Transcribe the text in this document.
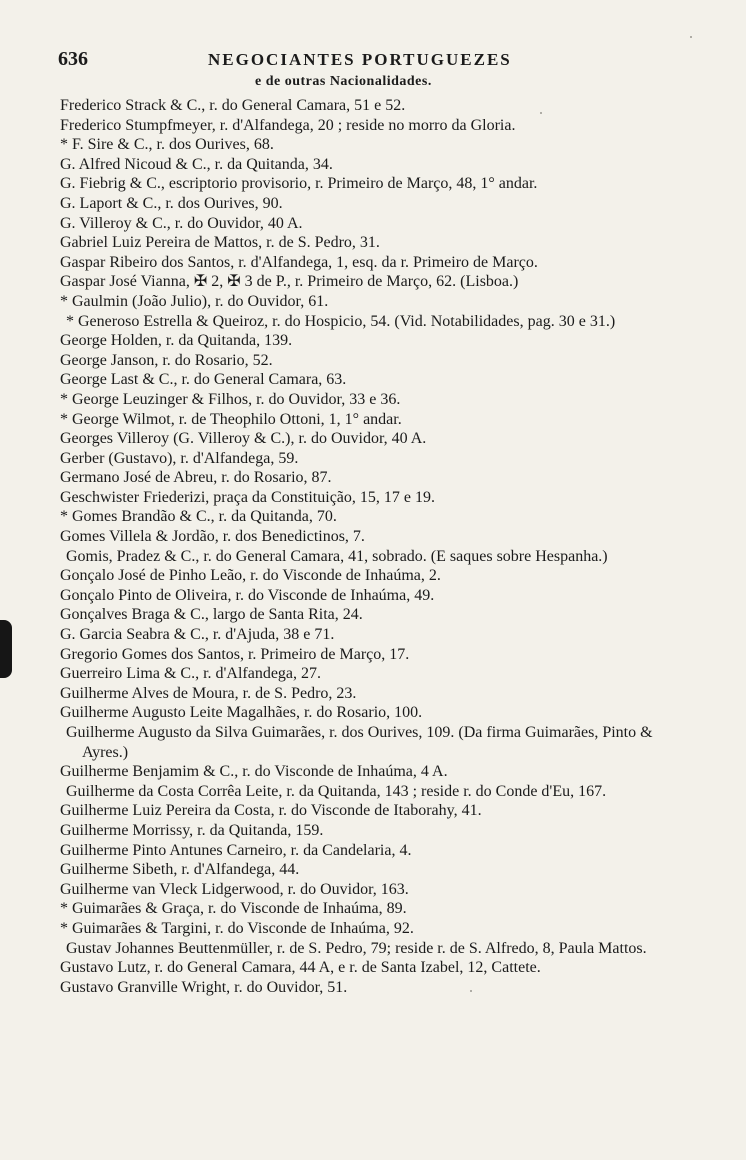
636	NEGOCIANTES PORTUGUEZES
e de outras Nacionalidades.

Frederico Strack & C., r. do General Camara, 51 e 52.

Frederico Stumpfmeyer, r. d'Alfandega, 20 ; reside no morro da Gloria.

* F. Sire & C., r. dos Ourives, 68.

G. Alfred Nicoud & C., r. da Quitanda, 34.

G. Fiebrig & C., escriptorio provisorio, r. Primeiro de Março, 48, 1° andar.

G. Laport & C., r. dos Ourives, 90.

G. Villeroy & C., r. do Ouvidor, 40 A.

Gabriel Luiz Pereira de Mattos, r. de S. Pedro, 31.

Gaspar Ribeiro dos Santos, r. d'Alfandega, 1, esq. da r. Primeiro de Março.

Gaspar José Vianna, ✠ 2, ✠ 3 de P., r. Primeiro de Março, 62. (Lisboa.)

* Gaulmin (João Julio), r. do Ouvidor, 61.

* Generoso Estrella & Queiroz, r. do Hospicio, 54. (Vid. Notabilidades, pag. 30 e 31.)

George Holden, r. da Quitanda, 139.

George Janson, r. do Rosario, 52.

George Last & C., r. do General Camara, 63.

* George Leuzinger & Filhos, r. do Ouvidor, 33 e 36.

* George Wilmot, r. de Theophilo Ottoni, 1, 1° andar.

Georges Villeroy (G. Villeroy & C.), r. do Ouvidor, 40 A.

Gerber (Gustavo), r. d'Alfandega, 59.

Germano José de Abreu, r. do Rosario, 87.

Geschwister Friederizi, praça da Constituição, 15, 17 e 19.

* Gomes Brandão & C., r. da Quitanda, 70.

Gomes Villela & Jordão, r. dos Benedictinos, 7.

Gomis, Pradez & C., r. do General Camara, 41, sobrado. (E saques sobre Hespanha.)

Gonçalo José de Pinho Leão, r. do Visconde de Inhaúma, 2.

Gonçalo Pinto de Oliveira, r. do Visconde de Inhaúma, 49.

Gonçalves Braga & C., largo de Santa Rita, 24.

G. Garcia Seabra & C., r. d'Ajuda, 38 e 71.

Gregorio Gomes dos Santos, r. Primeiro de Março, 17.

Guerreiro Lima & C., r. d'Alfandega, 27.

Guilherme Alves de Moura, r. de S. Pedro, 23.

Guilherme Augusto Leite Magalhães, r. do Rosario, 100.

Guilherme Augusto da Silva Guimarães, r. dos Ourives, 109. (Da firma Guimarães, Pinto & Ayres.)

Guilherme Benjamim & C., r. do Visconde de Inhaúma, 4 A.

Guilherme da Costa Corrêa Leite, r. da Quitanda, 143 ; reside r. do Conde d'Eu, 167.

Guilherme Luiz Pereira da Costa, r. do Visconde de Itaborahy, 41.

Guilherme Morrissy, r. da Quitanda, 159.

Guilherme Pinto Antunes Carneiro, r. da Candelaria, 4.

Guilherme Sibeth, r. d'Alfandega, 44.

Guilherme van Vleck Lidgerwood, r. do Ouvidor, 163.

* Guimarães & Graça, r. do Visconde de Inhaúma, 89.

* Guimarães & Targini, r. do Visconde de Inhaúma, 92.

Gustav Johannes Beuttenmüller, r. de S. Pedro, 79; reside r. de S. Alfredo, 8, Paula Mattos.

Gustavo Lutz, r. do General Camara, 44 A, e r. de Santa Izabel, 12, Cattete.

Gustavo Granville Wright, r. do Ouvidor, 51.
